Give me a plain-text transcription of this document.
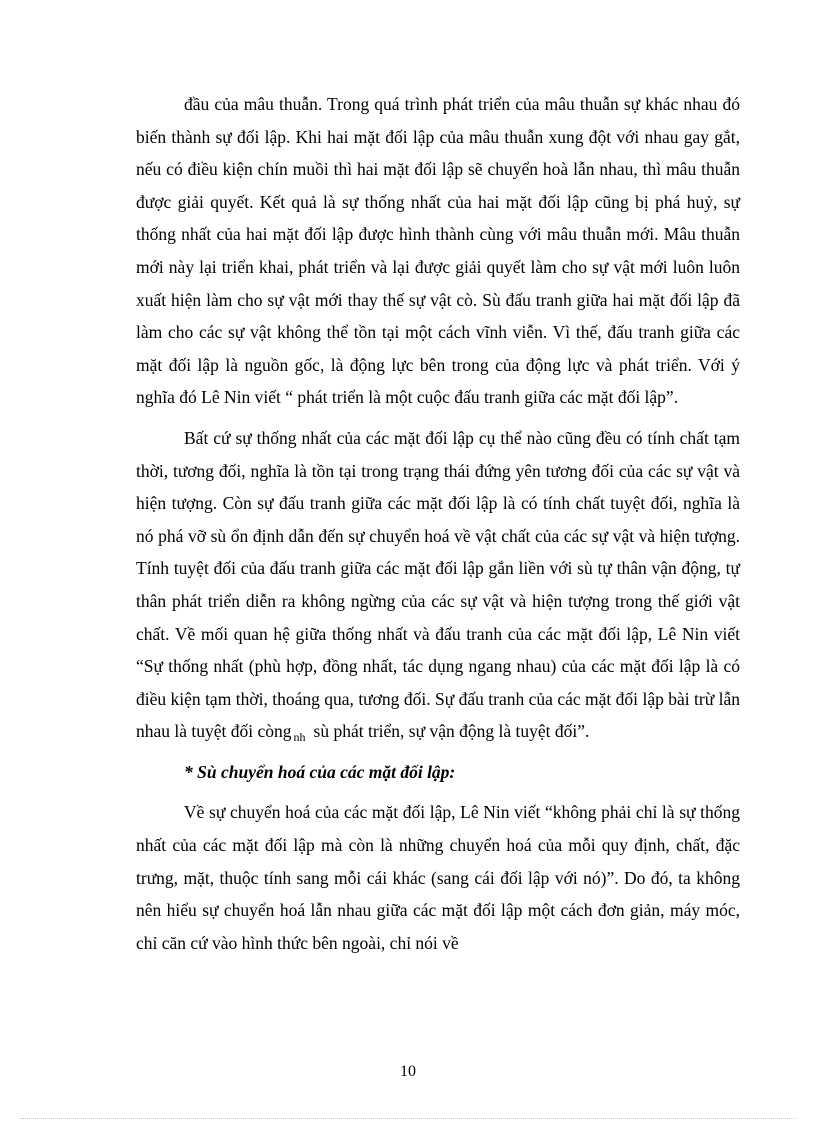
đầu của mâu thuẫn. Trong quá trình phát triển của mâu thuẫn sự khác nhau đó biến thành sự đối lập. Khi hai mặt đối lập của mâu thuẫn xung đột với nhau gay gắt, nếu có điều kiện chín muồi thì hai mặt đối lập sẽ chuyển hoà lẫn nhau, thì mâu thuẫn được giải quyết. Kết quả là sự thống nhất của hai mặt đối lập cũng bị phá huỷ, sự thống nhất của hai mặt đối lập được hình thành cùng với mâu thuẫn mới. Mâu thuẫn mới này lại triển khai, phát triển và lại được giải quyết làm cho sự vật mới luôn luôn xuất hiện làm cho sự vật mới thay thế sự vật cò. Sù đấu tranh giữa hai mặt đối lập đã làm cho các sự vật không thể tồn tại một cách vĩnh viễn. Vì thế, đấu tranh giữa các mặt đối lập là nguồn gốc, là động lực bên trong của động lực và phát triển. Với ý nghĩa đó Lê Nin viết “ phát triển là một cuộc đấu tranh giữa các mặt đối lập”.

Bất cứ sự thống nhất của các mặt đối lập cụ thể nào cũng đều có tính chất tạm thời, tương đối, nghĩa là tồn tại trong trạng thái đứng yên tương đối của các sự vật và hiện tượng. Còn sự đấu tranh giữa các mặt đối lập là có tính chất tuyệt đối, nghĩa là nó phá vỡ sù ổn định dẫn đến sự chuyển hoá về vật chất của các sự vật và hiện tượng. Tính tuyệt đối của đấu tranh giữa các mặt đối lập gắn liền với sù tự thân vận động, tự thân phát triển diễn ra không ngừng của các sự vật và hiện tượng trong thế giới vật chất. Về mối quan hệ giữa thống nhất và đấu tranh của các mặt đối lập, Lê Nin viết “Sự thống nhất (phù hợp, đồng nhất, tác dụng ngang nhau) của các mặt đối lập là có điều kiện tạm thời, thoáng qua, tương đối. Sự đấu tranh của các mặt đối lập bài trừ lẫn nhau là tuyệt đối còng $_{nh}$ sù phát triển, sự vận động là tuyệt đối”.

* Sù chuyển hoá của các mặt đối lập:

Về sự chuyển hoá của các mặt đối lập, Lê Nin viết “không phải chỉ là sự thống nhất của các mặt đối lập mà còn là những chuyển hoá của mỗi quy định, chất, đặc trưng, mặt, thuộc tính sang mỗi cái khác (sang cái đối lập với nó)”. Do đó, ta không nên hiểu sự chuyển hoá lẫn nhau giữa các mặt đối lập một cách đơn giản, máy móc, chỉ căn cứ vào hình thức bên ngoài, chỉ nói về

10
